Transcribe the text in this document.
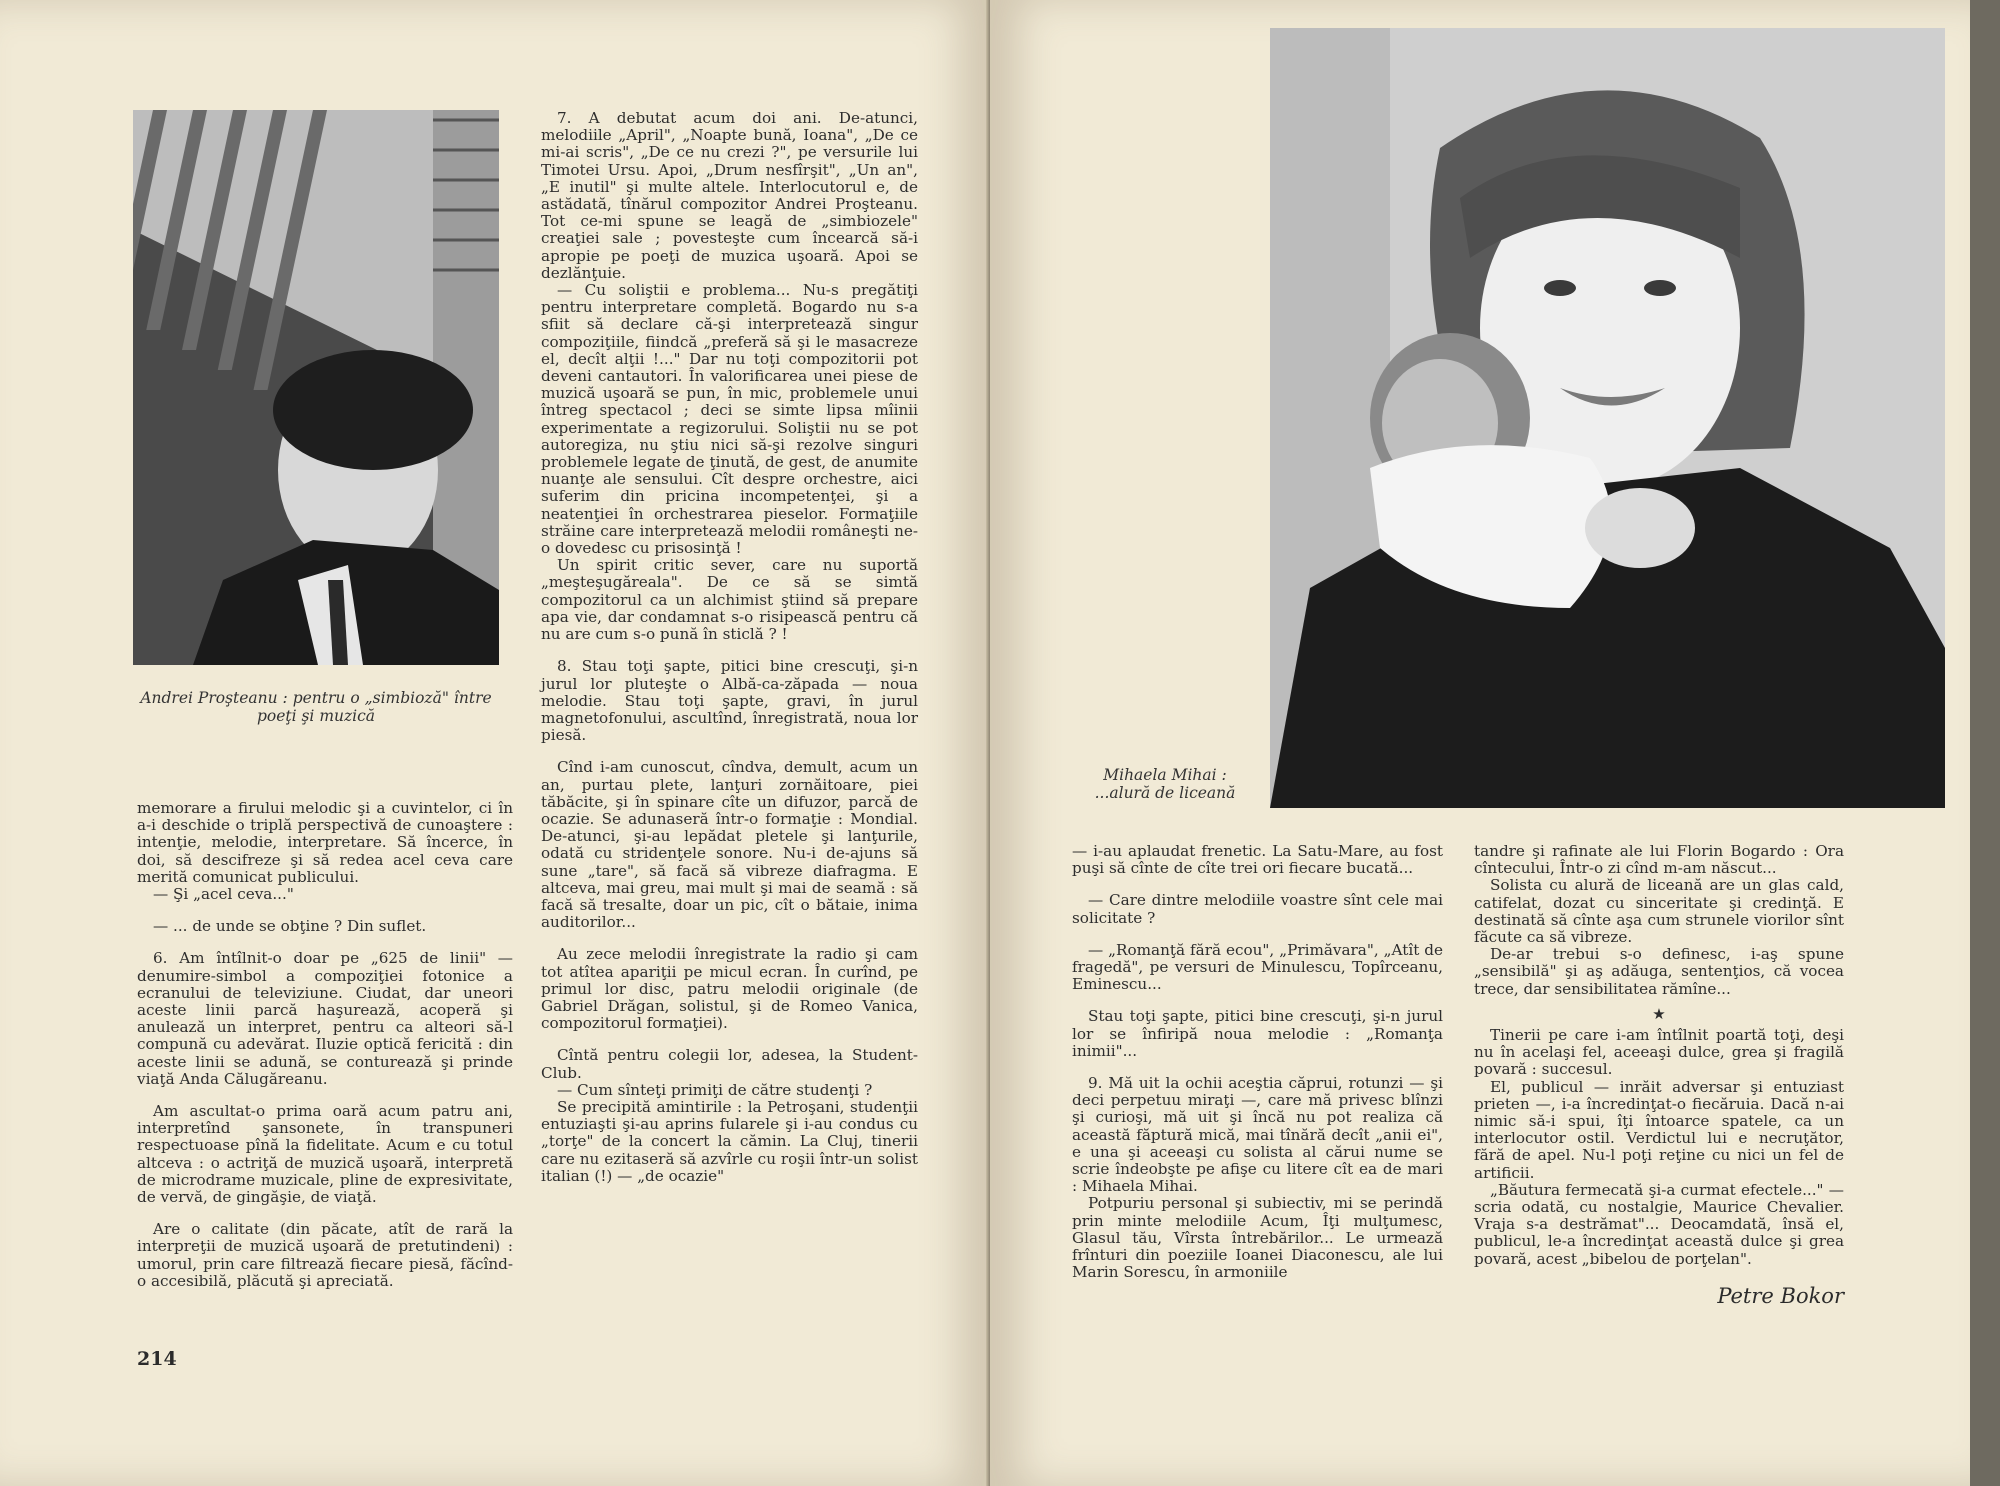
Andrei Proşteanu : pentru o „simbioză" între poeţi şi muzică

memorare a firului melodic şi a cuvintelor, ci în a-i deschide o triplă perspectivă de cunoaştere : intenţie, melodie, interpretare. Să încerce, în doi, să descifreze şi să redea acel ceva care merită comunicat publicului.

— Şi „acel ceva..."

— ... de unde se obţine ? Din suflet.

6. Am întîlnit-o doar pe „625 de linii" — denumire-simbol a compoziţiei fotonice a ecranului de televiziune. Ciudat, dar uneori aceste linii parcă haşurează, acoperă şi anulează un interpret, pentru ca alteori să-l compună cu adevărat. Iluzie optică fericită : din aceste linii se adună, se conturează şi prinde viaţă Anda Călugăreanu.

Am ascultat-o prima oară acum patru ani, interpretînd şansonete, în transpuneri respectuoase pînă la fidelitate. Acum e cu totul altceva : o actriţă de muzică uşoară, interpretă de microdrame muzicale, pline de expresivitate, de vervă, de gingăşie, de viaţă.

Are o calitate (din păcate, atît de rară la interpreţii de muzică uşoară de pretutindeni) : umorul, prin care filtrează fiecare piesă, făcînd-o accesibilă, plăcută şi apreciată.

7. A debutat acum doi ani. De-atunci, melodiile „April", „Noapte bună, Ioana", „De ce mi-ai scris", „De ce nu crezi ?", pe versurile lui Timotei Ursu. Apoi, „Drum nesfîrşit", „Un an", „E inutil" şi multe altele. Interlocutorul e, de astădată, tînărul compozitor Andrei Proşteanu. Tot ce-mi spune se leagă de „simbiozele" creaţiei sale ; povesteşte cum încearcă să-i apropie pe poeţi de muzica uşoară. Apoi se dezlănţuie.

— Cu soliştii e problema... Nu-s pregătiţi pentru interpretare completă. Bogardo nu s-a sfiit să declare că-şi interpretează singur compoziţiile, fiindcă „preferă să şi le masacreze el, decît alţii !..." Dar nu toţi compozitorii pot deveni cantautori. În valorificarea unei piese de muzică uşoară se pun, în mic, problemele unui întreg spectacol ; deci se simte lipsa mîinii experimentate a regizorului. Soliştii nu se pot autoregiza, nu ştiu nici să-şi rezolve singuri problemele legate de ţinută, de gest, de anumite nuanţe ale sensului. Cît despre orchestre, aici suferim din pricina incompetenţei, şi a neatenţiei în orchestrarea pieselor. Formaţiile străine care interpretează melodii româneşti ne-o dovedesc cu prisosinţă !

Un spirit critic sever, care nu suportă „meşteşugăreala". De ce să se simtă compozitorul ca un alchimist ştiind să prepare apa vie, dar condamnat s-o risipească pentru că nu are cum s-o pună în sticlă ? !

8. Stau toţi şapte, pitici bine crescuţi, şi-n jurul lor pluteşte o Albă-ca-zăpada — noua melodie. Stau toţi şapte, gravi, în jurul magnetofonului, ascultînd, înregistrată, noua lor piesă.

Cînd i-am cunoscut, cîndva, demult, acum un an, purtau plete, lanţuri zornăitoare, piei tăbăcite, şi în spinare cîte un difuzor, parcă de ocazie. Se adunaseră într-o formaţie : Mondial. De-atunci, şi-au lepădat pletele şi lanţurile, odată cu stridenţele sonore. Nu-i de-ajuns să sune „tare", să facă să vibreze diafragma. E altceva, mai greu, mai mult şi mai de seamă : să facă să tresalte, doar un pic, cît o bătaie, inima auditorilor...

Au zece melodii înregistrate la radio şi cam tot atîtea apariţii pe micul ecran. În curînd, pe primul lor disc, patru melodii originale (de Gabriel Drăgan, solistul, şi de Romeo Vanica, compozitorul formaţiei).

Cîntă pentru colegii lor, adesea, la Student-Club.

— Cum sînteţi primiţi de către studenţi ?

Se precipită amintirile : la Petroşani, studenţii entuziaşti şi-au aprins fularele şi i-au condus cu „torţe" de la concert la cămin. La Cluj, tinerii care nu ezitaseră să azvîrle cu roşii într-un solist italian (!) — „de ocazie"

214
Mihaela Mihai : ...alură de liceană

— i-au aplaudat frenetic. La Satu-Mare, au fost puşi să cînte de cîte trei ori fiecare bucată...

— Care dintre melodiile voastre sînt cele mai solicitate ?

— „Romanţă fără ecou", „Primăvara", „Atît de fragedă", pe versuri de Minulescu, Topîrceanu, Eminescu...

Stau toţi şapte, pitici bine crescuţi, şi-n jurul lor se înfiripă noua melodie : „Romanţa inimii"...

9. Mă uit la ochii aceştia căprui, rotunzi — şi deci perpetuu miraţi —, care mă privesc blînzi şi curioşi, mă uit şi încă nu pot realiza că această făptură mică, mai tînără decît „anii ei", e una şi aceeaşi cu solista al cărui nume se scrie îndeobşte pe afişe cu litere cît ea de mari : Mihaela Mihai.

Potpuriu personal şi subiectiv, mi se perindă prin minte melodiile Acum, Îţi mulţumesc, Glasul tău, Vîrsta întrebărilor... Le urmează frînturi din poeziile Ioanei Diaconescu, ale lui Marin Sorescu, în armoniile

tandre şi rafinate ale lui Florin Bogardo : Ora cîntecului, Într-o zi cînd m-am născut...

Solista cu alură de liceană are un glas cald, catifelat, dozat cu sinceritate şi credinţă. E destinată să cînte aşa cum strunele viorilor sînt făcute ca să vibreze.

De-ar trebui s-o definesc, i-aş spune „sensibilă" şi aş adăuga, sentenţios, că vocea trece, dar sensibilitatea rămîne...

★

Tinerii pe care i-am întîlnit poartă toţi, deşi nu în acelaşi fel, aceeaşi dulce, grea şi fragilă povară : succesul.

El, publicul — inrăit adversar şi entuziast prieten —, i-a încredinţat-o fiecăruia. Dacă n-ai nimic să-i spui, îţi întoarce spatele, ca un interlocutor ostil. Verdictul lui e necruţător, fără de apel. Nu-l poţi reţine cu nici un fel de artificii.

„Băutura fermecată şi-a curmat efectele..." — scria odată, cu nostalgie, Maurice Chevalier. Vraja s-a destrămat"... Deocamdată, însă el, publicul, le-a încredinţat această dulce şi grea povară, acest „bibelou de porţelan".

Petre Bokor
